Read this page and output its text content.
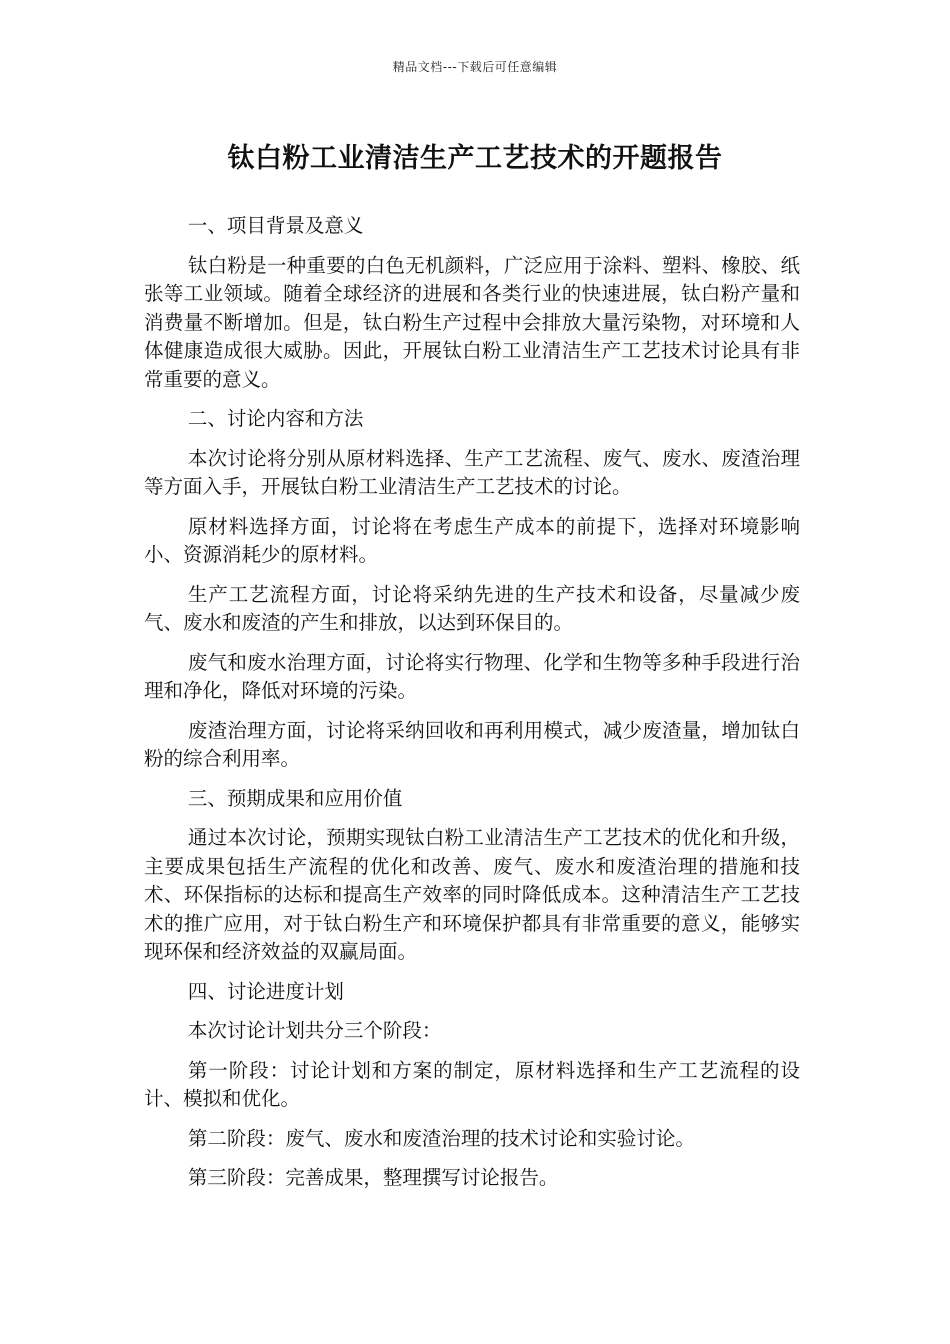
精品文档---下载后可任意编辑
钛白粉工业清洁生产工艺技术的开题报告

一、项目背景及意义

钛白粉是一种重要的白色无机颜料，广泛应用于涂料、塑料、橡胶、纸张等工业领域。随着全球经济的进展和各类行业的快速进展，钛白粉产量和消费量不断增加。但是，钛白粉生产过程中会排放大量污染物，对环境和人体健康造成很大威胁。因此，开展钛白粉工业清洁生产工艺技术讨论具有非常重要的意义。

二、讨论内容和方法

本次讨论将分别从原材料选择、生产工艺流程、废气、废水、废渣治理等方面入手，开展钛白粉工业清洁生产工艺技术的讨论。

原材料选择方面，讨论将在考虑生产成本的前提下，选择对环境影响小、资源消耗少的原材料。

生产工艺流程方面，讨论将采纳先进的生产技术和设备，尽量减少废气、废水和废渣的产生和排放，以达到环保目的。

废气和废水治理方面，讨论将实行物理、化学和生物等多种手段进行治理和净化，降低对环境的污染。

废渣治理方面，讨论将采纳回收和再利用模式，减少废渣量，增加钛白粉的综合利用率。

三、预期成果和应用价值

通过本次讨论，预期实现钛白粉工业清洁生产工艺技术的优化和升级，主要成果包括生产流程的优化和改善、废气、废水和废渣治理的措施和技术、环保指标的达标和提高生产效率的同时降低成本。这种清洁生产工艺技术的推广应用，对于钛白粉生产和环境保护都具有非常重要的意义，能够实现环保和经济效益的双赢局面。

四、讨论进度计划

本次讨论计划共分三个阶段：

第一阶段：讨论计划和方案的制定，原材料选择和生产工艺流程的设计、模拟和优化。

第二阶段：废气、废水和废渣治理的技术讨论和实验讨论。

第三阶段：完善成果，整理撰写讨论报告。
